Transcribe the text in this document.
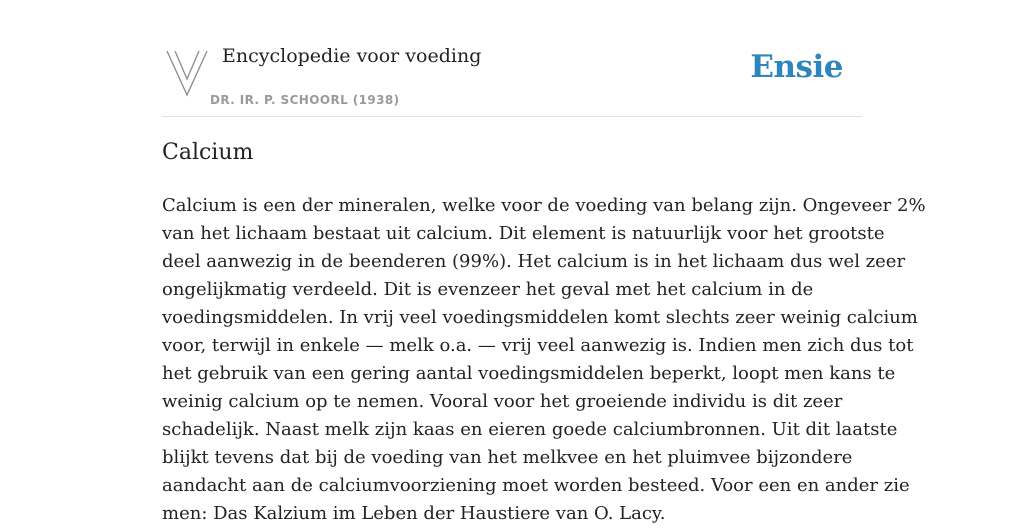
Encyclopedie voor voeding
DR. IR. P. SCHOORL (1938)
Ensie
Calcium
Calcium is een der mineralen, welke voor de voeding van belang zijn. Ongeveer 2%
van het lichaam bestaat uit calcium. Dit element is natuurlijk voor het grootste
deel aanwezig in de beenderen (99%). Het calcium is in het lichaam dus wel zeer
ongelijkmatig verdeeld. Dit is evenzeer het geval met het calcium in de
voedingsmiddelen. In vrij veel voedingsmiddelen komt slechts zeer weinig calcium
voor, terwijl in enkele — melk o.a. — vrij veel aanwezig is. Indien men zich dus tot
het gebruik van een gering aantal voedingsmiddelen beperkt, loopt men kans te
weinig calcium op te nemen. Vooral voor het groeiende individu is dit zeer
schadelijk. Naast melk zijn kaas en eieren goede calciumbronnen. Uit dit laatste
blijkt tevens dat bij de voeding van het melkvee en het pluimvee bijzondere
aandacht aan de calciumvoorziening moet worden besteed. Voor een en ander zie
men: Das Kalzium im Leben der Haustiere van O. Lacy.
